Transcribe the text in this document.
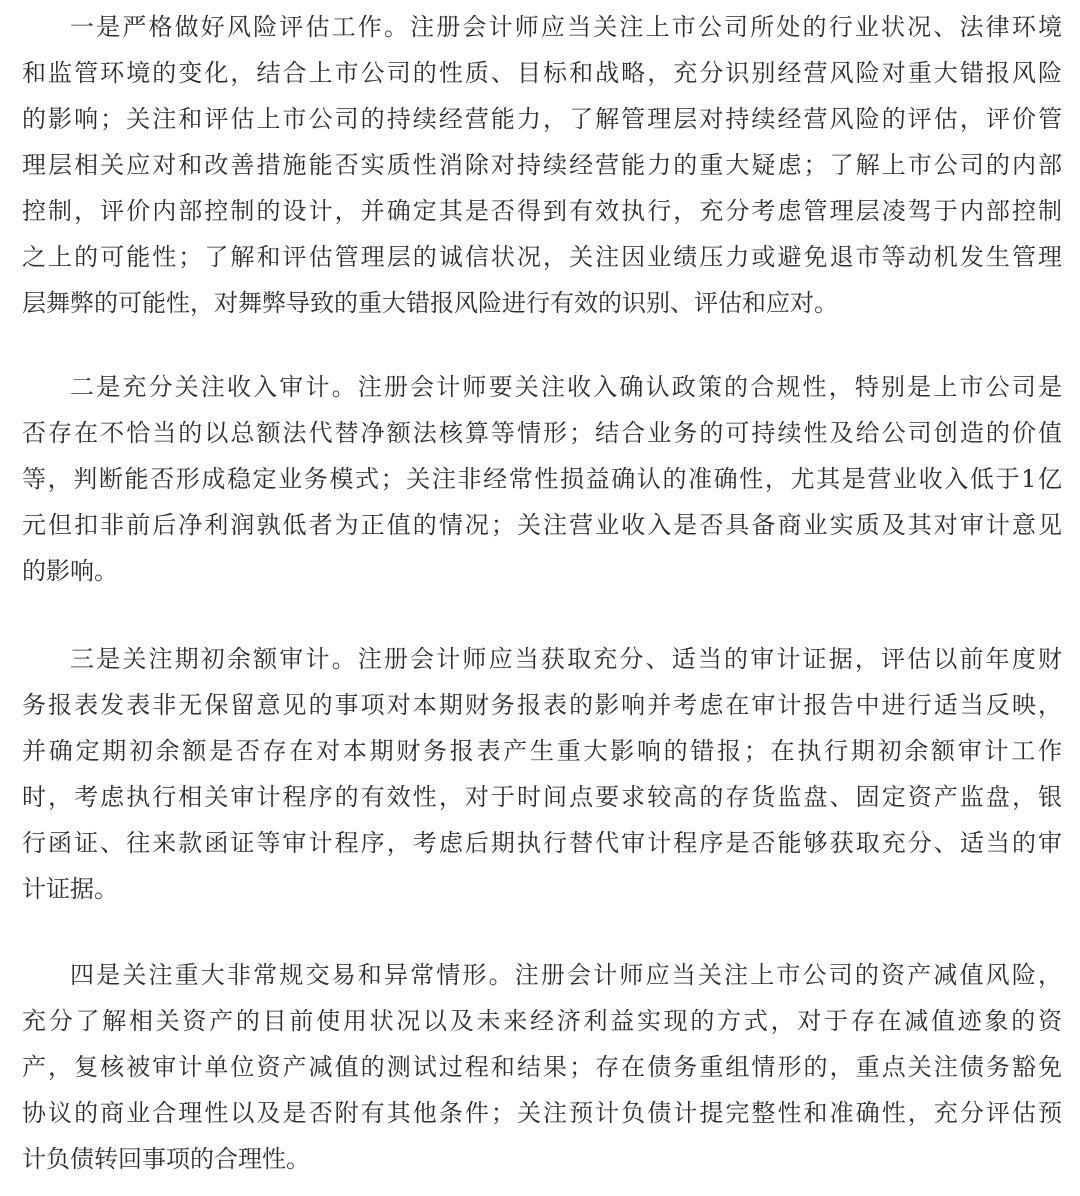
一是严格做好风险评估工作。注册会计师应当关注上市公司所处的行业状况、法律环境
和监管环境的变化，结合上市公司的性质、目标和战略，充分识别经营风险对重大错报风险
的影响；关注和评估上市公司的持续经营能力，了解管理层对持续经营风险的评估，评价管
理层相关应对和改善措施能否实质性消除对持续经营能力的重大疑虑；了解上市公司的内部
控制，评价内部控制的设计，并确定其是否得到有效执行，充分考虑管理层凌驾于内部控制
之上的可能性；了解和评估管理层的诚信状况，关注因业绩压力或避免退市等动机发生管理
层舞弊的可能性，对舞弊导致的重大错报风险进行有效的识别、评估和应对。
二是充分关注收入审计。注册会计师要关注收入确认政策的合规性，特别是上市公司是
否存在不恰当的以总额法代替净额法核算等情形；结合业务的可持续性及给公司创造的价值
等，判断能否形成稳定业务模式；关注非经常性损益确认的准确性，尤其是营业收入低于1亿
元但扣非前后净利润孰低者为正值的情况；关注营业收入是否具备商业实质及其对审计意见
的影响。
三是关注期初余额审计。注册会计师应当获取充分、适当的审计证据，评估以前年度财
务报表发表非无保留意见的事项对本期财务报表的影响并考虑在审计报告中进行适当反映，
并确定期初余额是否存在对本期财务报表产生重大影响的错报；在执行期初余额审计工作
时，考虑执行相关审计程序的有效性，对于时间点要求较高的存货监盘、固定资产监盘，银
行函证、往来款函证等审计程序，考虑后期执行替代审计程序是否能够获取充分、适当的审
计证据。
四是关注重大非常规交易和异常情形。注册会计师应当关注上市公司的资产减值风险，
充分了解相关资产的目前使用状况以及未来经济利益实现的方式，对于存在减值迹象的资
产，复核被审计单位资产减值的测试过程和结果；存在债务重组情形的，重点关注债务豁免
协议的商业合理性以及是否附有其他条件；关注预计负债计提完整性和准确性，充分评估预
计负债转回事项的合理性。
